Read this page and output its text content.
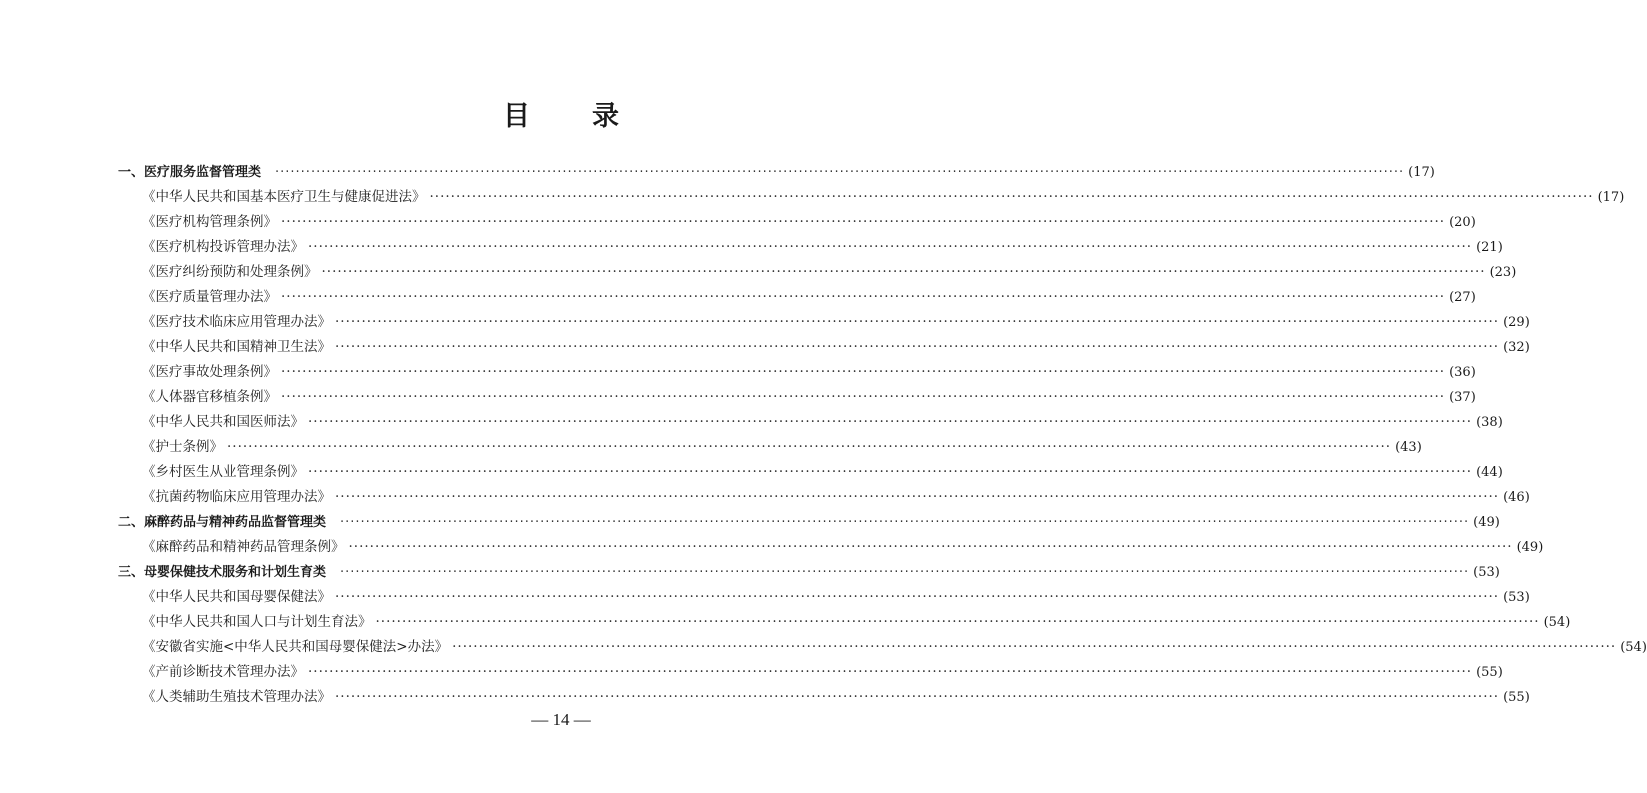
目 录
一、医疗服务监督管理类 ···························································································································································································································· (17)
《中华人民共和国基本医疗卫生与健康促进法》 ···························································································································································································································· (17)
《医疗机构管理条例》 ···························································································································································································································· (20)
《医疗机构投诉管理办法》 ···························································································································································································································· (21)
《医疗纠纷预防和处理条例》 ···························································································································································································································· (23)
《医疗质量管理办法》 ···························································································································································································································· (27)
《医疗技术临床应用管理办法》 ···························································································································································································································· (29)
《中华人民共和国精神卫生法》 ···························································································································································································································· (32)
《医疗事故处理条例》 ···························································································································································································································· (36)
《人体器官移植条例》 ···························································································································································································································· (37)
《中华人民共和国医师法》 ···························································································································································································································· (38)
《护士条例》 ···························································································································································································································· (43)
《乡村医生从业管理条例》 ···························································································································································································································· (44)
《抗菌药物临床应用管理办法》 ···························································································································································································································· (46)
二、麻醉药品与精神药品监督管理类 ···························································································································································································································· (49)
《麻醉药品和精神药品管理条例》 ···························································································································································································································· (49)
三、母婴保健技术服务和计划生育类 ···························································································································································································································· (53)
《中华人民共和国母婴保健法》 ···························································································································································································································· (53)
《中华人民共和国人口与计划生育法》 ···························································································································································································································· (54)
《安徽省实施<中华人民共和国母婴保健法>办法》 ···························································································································································································································· (54)
《产前诊断技术管理办法》 ···························································································································································································································· (55)
《人类辅助生殖技术管理办法》 ···························································································································································································································· (55)
— 14 —
